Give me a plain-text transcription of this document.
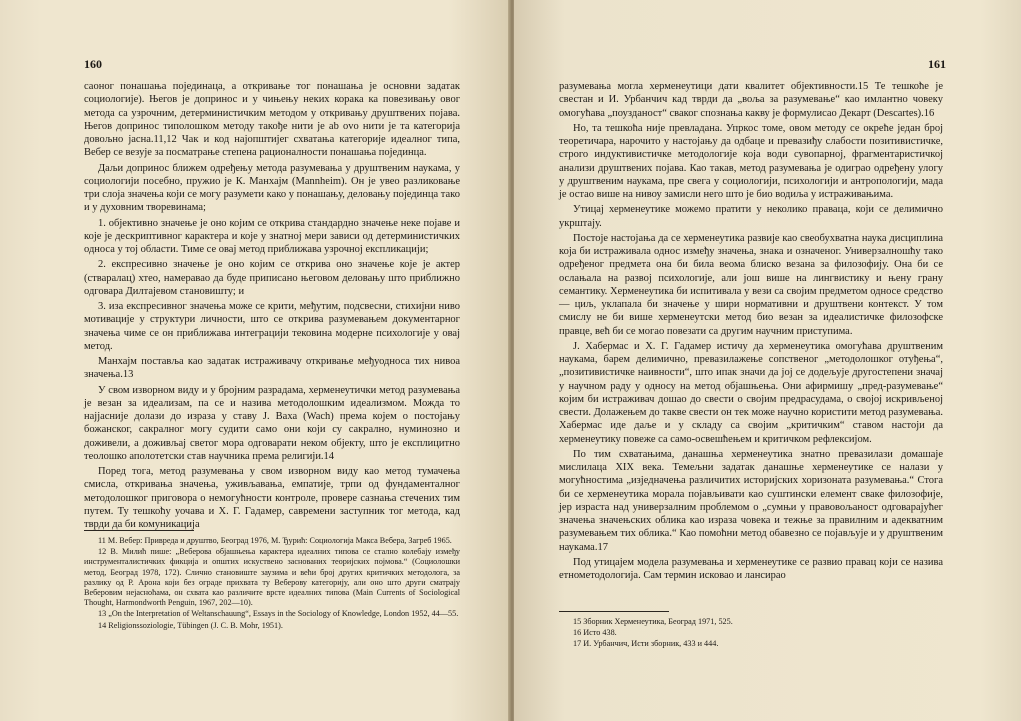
160

саоног понашања појединаца, а откривање тог понашања је основни задатак социологије). Његов је допринос и у чињењу неких корака ка повезивању овог метода са узрочним, детерминистичким методом у откривању друштвених појава. Његов допринос типолошком методу такође нити је ab ovo нити је та категорија довољно јасна.11,12 Чак и код најопштијег схватања категорије идеалног типа, Вебер се везује за посматрање степена рационалности понашања појединца.

Даљи допринос ближем одређењу метода разумевања у друштвеним наукама, у социологији посебно, пружио је К. Манхајм (Mannheim). Он је увео разликовање три слоја значења који се могу разумети како у понашању, деловању појединца тако и у духовним творевинама;

1. објективно значење је оно којим се открива стандардно значење неке појаве и које је дескриптивног карактера и које у знатној мери зависи од детерминистичких односа у тој области. Тиме се овај метод приближава узрочној експликацији;

2. експресивно значење је оно којим се открива оно значење које је актер (стваралац) хтео, намеравао да буде приписано његовом деловању што приближно одговара Дилтајевом становишту; и

3. иза експресивног значења може се крити, међутим, подсвесни, стихијни ниво мотивације у структури личности, што се открива разумевањем документарног значења чиме се он приближава интеграцији тековина модерне психологије у овај метод.

Манхајм поставља као задатак истраживачу откривање међуодноса тих нивоа значења.13

У свом изворном виду и у бројним разрадама, херменеутички метод разумевања је везан за идеализам, па се и назива методолошким идеализмом. Можда то најјасније долази до израза у ставу Ј. Ваха (Wach) према којем о постојању божанског, сакралног могу судити само они који су сакрално, нуминозно и доживели, а доживљај светог мора одговарати неком објекту, што је експлицитно теолошко аполотетски став научника према религији.14

Поред тога, метод разумевања у свом изворном виду као метод тумачења смисла, откривања значења, уживљавања, емпатије, трпи од фундаменталног методолошког приговора о немогућности контроле, провере сазнања стечених тим путем. Ту тешкоћу уочава и Х. Г. Гадамер, савремени заступник тог метода, кад тврди да би комуникација

11 М. Вебер: Привреда и друштво, Београд 1976, М. Ђурић: Социологија Макса Вебера, Загреб 1965.

12 В. Милић пише: „Веберова објашњења карактера идеалних типова се стално колебају између инструменталистичких фикција и општих искуствено заснованих теоријских појмова.“ (Социолошки метод, Београд 1978, 172). Слично становиште заузима и већи број других критичких методолога, за разлику од Р. Арона који без ограде прихвата ту Веберову категорију, али оно што други сматрају Веберовим нејасноћама, он схвата као различите врсте идеалних типова (Main Currents of Sociological Thought, Harmondworth Penguin, 1967, 202—10).

13 „On the Interpretation of Weltanschauung“, Essays in the Sociology of Knowledge, London 1952, 44—55.

14 Religionssoziologie, Tübingen (J. C. B. Mohr, 1951).

161

разумевања могла херменеутици дати квалитет објективности.15 Те тешкоће је свестан и И. Урбанчич кад тврди да „воља за разумевање“ као имлантно човеку омогућава „поузданост“ сваког спознања какву је формулисао Декарт (Descartes).16

Но, та тешкоћа није превладана. Упркос томе, овом методу се окреће један број теоретичара, нарочито у настојању да одбаце и превазиђу слабости позитивистичке, строго индуктивистичке методологије која води сувопарној, фрагментаристичкој анализи друштвених појава. Као такав, метод разумевања је одиграо одређену улогу у друштвеним наукама, пре свега у социологији, психологији и антропологији, мада је остао више на нивоу замисли него што је био водиља у истраживањима.

Утицај херменеутике можемо пратити у неколико праваца, који се делимично укрштају.

Постоје настојања да се херменеутика развије као свеобухватна наука дисциплина која би истраживала однос између значења, знака и означеног. Универзалношћу тако одређеног предмета она би била веома блиско везана за филозофију. Она би се ослањала на развој психологије, али још више на лингвистику и њену грану семантику. Херменеутика би испитивала у вези са својим предметом односе средство — циљ, уклапала би значење у шири нормативни и друштвени контекст. У том смислу не би више херменеутски метод био везан за идеалистичке филозофске правце, већ би се могао повезати са другим научним приступима.

Ј. Хабермас и Х. Г. Гадамер истичу да херменеутика омогућава друштвеним наукама, барем делимично, превазилажење сопственог „методолошког отуђења“, „позитивистичке наивности“, што ипак значи да јој се додељује другостепени значај у научном раду у односу на метод објашњења. Они афирмишу „пред-разумевање“ којим би истраживач дошао до свести о својим предрасудама, о својој искривљеној свести. Долажењем до такве свести он тек може научно користити метод разумевања. Хабермас иде даље и у складу са својим „критичким“ ставом настоји да херменеутику повеже са само-освешћењем и критичком рефлексијом.

По тим схватањима, данашња херменеутика знатно превазилази домашаје мислилаца XIX века. Темељни задатак данашње херменеутике се налази у могућностима „изједначења различитих историјских хоризоната разумевања.“ Стога би се херменеутика морала појављивати као суштински елемент сваке филозофије, јер израста над универзалним проблемом о „сумњи у правовољаност одговарајућег значења значењских облика као израза човека и тежње за правилним и адекватним разумевањем тих облика.“ Као помоћни метод обавезно се појављује и у друштвеним наукама.17

Под утицајем модела разумевања и херменеутике се развио правац који се назива етнометодологија. Сам термин исковао и лансирао

15 Зборник Херменеутика, Београд 1971, 525.

16 Исто 438.

17 И. Урбанчич, Исти зборник, 433 и 444.
